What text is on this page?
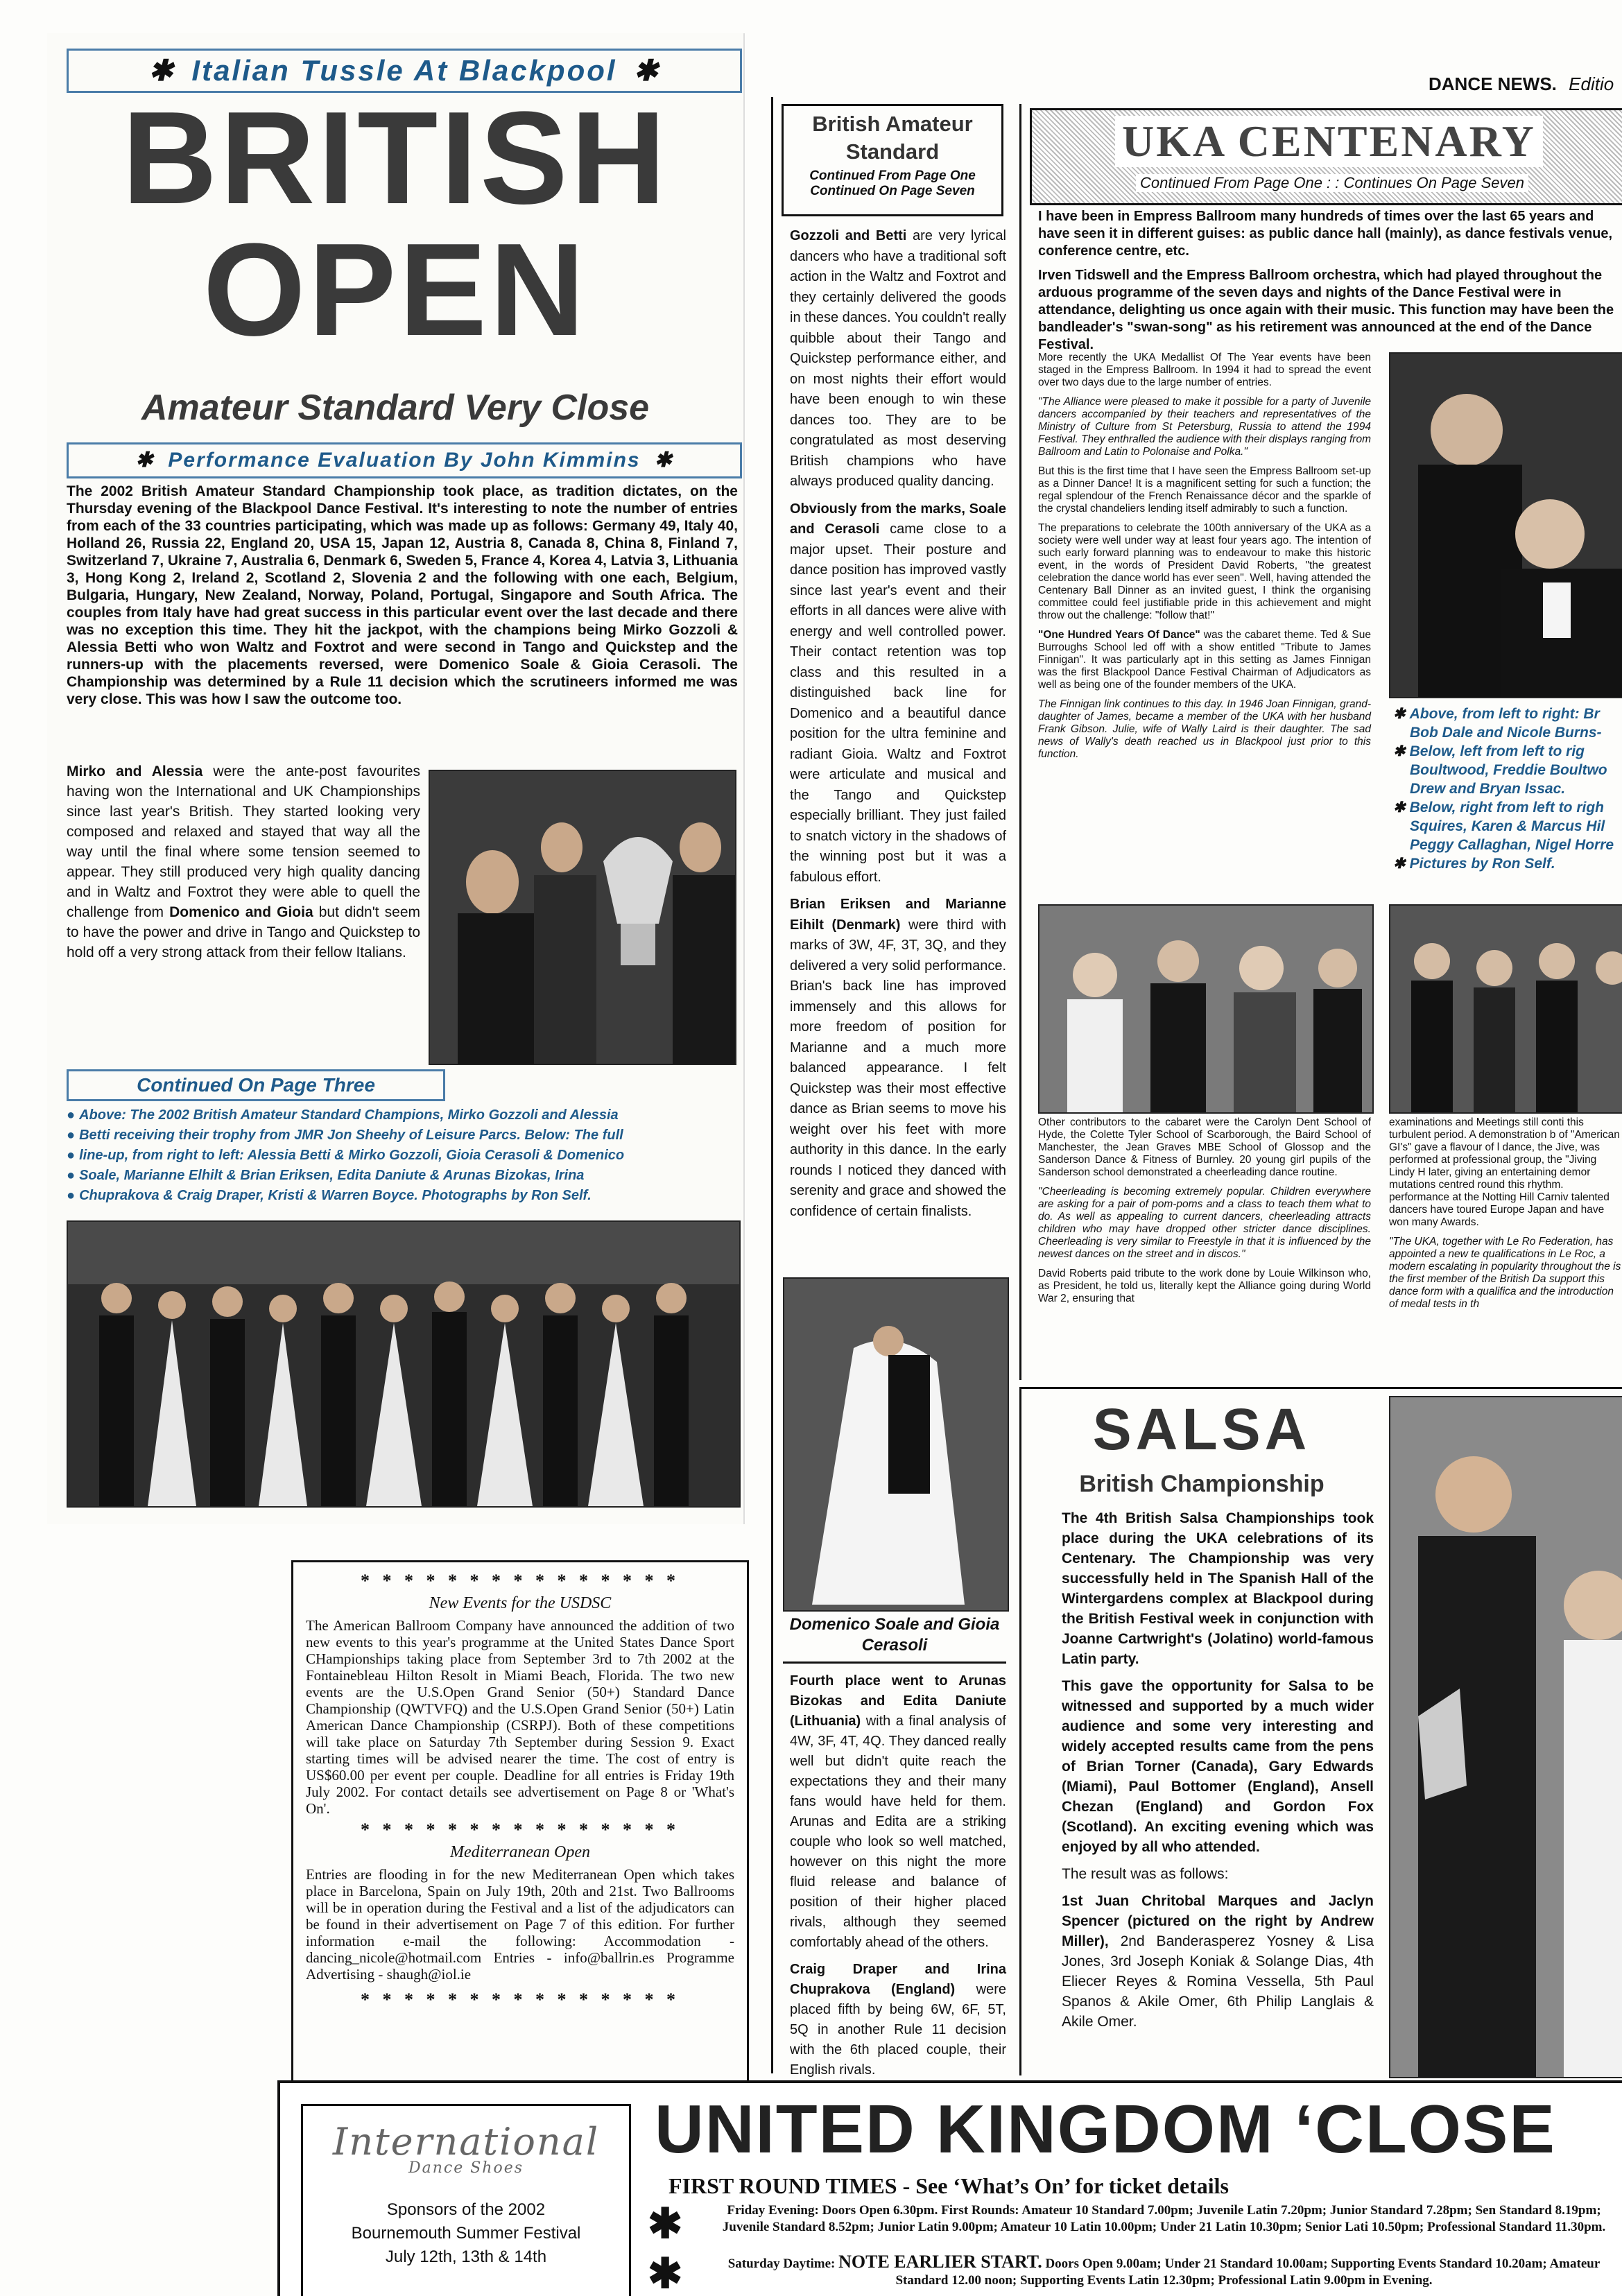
DANCE NEWS. Editio
✱ Italian Tussle At Blackpool ✱
BRITISH
OPEN
Amateur Standard Very Close
✱ Performance Evaluation By John Kimmins ✱
The 2002 British Amateur Standard Championship took place, as tradition dictates, on the Thursday evening of the Blackpool Dance Festival. It's interesting to note the number of entries from each of the 33 countries participating, which was made up as follows: Germany 49, Italy 40, Holland 26, Russia 22, England 20, USA 15, Japan 12, Austria 8, Canada 8, China 8, Finland 7, Switzerland 7, Ukraine 7, Australia 6, Denmark 6, Sweden 5, France 4, Korea 4, Latvia 3, Lithuania 3, Hong Kong 2, Ireland 2, Scotland 2, Slovenia 2 and the following with one each, Belgium, Bulgaria, Hungary, New Zealand, Norway, Poland, Portugal, Singapore and South Africa. The couples from Italy have had great success in this particular event over the last decade and there was no exception this time. They hit the jackpot, with the champions being Mirko Gozzoli & Alessia Betti who won Waltz and Foxtrot and were second in Tango and Quickstep and the runners-up with the placements reversed, were Domenico Soale & Gioia Cerasoli. The Championship was determined by a Rule 11 decision which the scrutineers informed me was very close. This was how I saw the outcome too.
Mirko and Alessia were the ante-post favourites having won the International and UK Championships since last year's British. They started looking very composed and relaxed and stayed that way all the way until the final where some tension seemed to appear. They still produced very high quality dancing and in Waltz and Foxtrot they were able to quell the challenge from Domenico and Gioia but didn't seem to have the power and drive in Tango and Quickstep to hold off a very strong attack from their fellow Italians.
Continued On Page Three
● Above: The 2002 British Amateur Standard Champions, Mirko Gozzoli and Alessia
● Betti receiving their trophy from JMR Jon Sheehy of Leisure Parcs. Below: The full
● line-up, from right to left: Alessia Betti & Mirko Gozzoli, Gioia Cerasoli & Domenico
● Soale, Marianne Elhilt & Brian Eriksen, Edita Daniute & Arunas Bizokas, Irina
● Chuprakova & Craig Draper, Kristi & Warren Boyce. Photographs by Ron Self.
* * * * * * * * * * * * * * *
New Events for the USDSC
The American Ballroom Company have announced the addition of two new events to this year's programme at the United States Dance Sport CHampionships taking place from September 3rd to 7th 2002 at the Fontainebleau Hilton Resolt in Miami Beach, Florida. The two new events are the U.S.Open Grand Senior (50+) Standard Dance Championship (QWTVFQ) and the U.S.Open Grand Senior (50+) Latin American Dance Championship (CSRPJ). Both of these competitions will take place on Saturday 7th September during Session 9. Exact starting times will be advised nearer the time. The cost of entry is US$60.00 per event per couple. Deadline for all entries is Friday 19th July 2002. For contact details see advertisement on Page 8 or 'What's On'.
* * * * * * * * * * * * * * *
Mediterranean Open
Entries are flooding in for the new Mediterranean Open which takes place in Barcelona, Spain on July 19th, 20th and 21st. Two Ballrooms will be in operation during the Festival and a list of the adjudicators can be found in their advertisement on Page 7 of this edition. For further information e-mail the following: Accommodation - dancing_nicole@hotmail.com Entries - info@ballrin.es Programme Advertising - shaugh@iol.ie
* * * * * * * * * * * * * * *
British Amateur Standard
Continued From Page One
Continued On Page Seven

Gozzoli and Betti are very lyrical dancers who have a traditional soft action in the Waltz and Foxtrot and they certainly delivered the goods in these dances. You couldn't really quibble about their Tango and Quickstep performance either, and on most nights their effort would have been enough to win these dances too. They are to be congratulated as most deserving British champions who have always produced quality dancing.

Obviously from the marks, Soale and Cerasoli came close to a major upset. Their posture and dance position has improved vastly since last year's event and their efforts in all dances were alive with energy and well controlled power. Their contact retention was top class and this resulted in a distinguished back line for Domenico and a beautiful dance position for the ultra feminine and radiant Gioia. Waltz and Foxtrot were articulate and musical and the Tango and Quickstep especially brilliant. They just failed to snatch victory in the shadows of the winning post but it was a fabulous effort.

Brian Eriksen and Marianne Eihilt (Denmark) were third with marks of 3W, 4F, 3T, 3Q, and they delivered a very solid performance. Brian's back line has improved immensely and this allows for more freedom of position for Marianne and a much more balanced appearance. I felt Quickstep was their most effective dance as Brian seems to move his weight over his feet with more authority in this dance. In the early rounds I noticed they danced with serenity and grace and showed the confidence of certain finalists.

Domenico Soale and Gioia Cerasoli

Fourth place went to Arunas Bizokas and Edita Daniute (Lithuania) with a final analysis of 4W, 3F, 4T, 4Q. They danced really well but didn't quite reach the expectations they and their many fans would have held for them. Arunas and Edita are a striking couple who look so well matched, however on this night the more fluid release and balance of position of their higher placed rivals, although they seemed comfortably ahead of the others.

Craig Draper and Irina Chuprakova (England) were placed fifth by being 6W, 6F, 5T, 5Q in another Rule 11 decision with the 6th placed couple, their English rivals.

UKA CENTENARY
Continued From Page One : : Continues On Page Seven

I have been in Empress Ballroom many hundreds of times over the last 65 years and have seen it in different guises: as public dance hall (mainly), as dance festivals venue, conference centre, etc.

Irven Tidswell and the Empress Ballroom orchestra, which had played throughout the arduous programme of the seven days and nights of the Dance Festival were in attendance, delighting us once again with their music. This function may have been the bandleader's "swan-song" as his retirement was announced at the end of the Dance Festival.

More recently the UKA Medallist Of The Year events have been staged in the Empress Ballroom. In 1994 it had to spread the event over two days due to the large number of entries.

"The Alliance were pleased to make it possible for a party of Juvenile dancers accompanied by their teachers and representatives of the Ministry of Culture from St Petersburg, Russia to attend the 1994 Festival. They enthralled the audience with their displays ranging from Ballroom and Latin to Polonaise and Polka."

But this is the first time that I have seen the Empress Ballroom set-up as a Dinner Dance! It is a magnificent setting for such a function; the regal splendour of the French Renaissance décor and the sparkle of the crystal chandeliers lending itself admirably to such a function.

The preparations to celebrate the 100th anniversary of the UKA as a society were well under way at least four years ago. The intention of such early forward planning was to endeavour to make this historic event, in the words of President David Roberts, "the greatest celebration the dance world has ever seen". Well, having attended the Centenary Ball Dinner as an invited guest, I think the organising committee could feel justifiable pride in this achievement and might throw out the challenge: "follow that!"

"One Hundred Years Of Dance" was the cabaret theme. Ted & Sue Burroughs School led off with a show entitled "Tribute to James Finnigan". It was particularly apt in this setting as James Finnigan was the first Blackpool Dance Festival Chairman of Adjudicators as well as being one of the founder members of the UKA.

The Finnigan link continues to this day. In 1946 Joan Finnigan, grand-daughter of James, became a member of the UKA with her husband Frank Gibson. Julie, wife of Wally Laird is their daughter. The sad news of Wally's death reached us in Blackpool just prior to this function.

✱ Above, from left to right: Br
Bob Dale and Nicole Burns-
✱ Below, left from left to rig
Boultwood, Freddie Boultwo
Drew and Bryan Issac.
✱ Below, right from left to righ
Squires, Karen & Marcus Hil
Peggy Callaghan, Nigel Horre
✱ Pictures by Ron Self.

Other contributors to the cabaret were the Carolyn Dent School of Hyde, the Colette Tyler School of Scarborough, the Baird School of Manchester, the Jean Graves MBE School of Glossop and the Sanderson Dance & Fitness of Burnley. 20 young girl pupils of the Sanderson school demonstrated a cheerleading dance routine.

"Cheerleading is becoming extremely popular. Children everywhere are asking for a pair of pom-poms and a class to teach them what to do. As well as appealing to current dancers, cheerleading attracts children who may have dropped other stricter dance disciplines. Cheerleading is very similar to Freestyle in that it is influenced by the newest dances on the street and in discos."

David Roberts paid tribute to the work done by Louie Wilkinson who, as President, he told us, literally kept the Alliance going during World War 2, ensuring that

examinations and Meetings still conti this turbulent period. A demonstration b of "American GI's" gave a flavour of l dance, the Jive, was performed at professional group, the "Jiving Lindy H later, giving an entertaining demor mutations centred round this rhythm. performance at the Notting Hill Carniv talented dancers have toured Europe Japan and have won many Awards.

"The UKA, together with Le Ro Federation, has appointed a new te qualifications in Le Roc, a modern escalating in popularity throughout the is the first member of the British Da support this dance form with a qualifica and the introduction of medal tests in th

SALSA
British Championship

The 4th British Salsa Championships took place during the UKA celebrations of its Centenary. The Championship was very successfully held in The Spanish Hall of the Wintergardens complex at Blackpool during the British Festival week in conjunction with Joanne Cartwright's (Jolatino) world-famous Latin party.

This gave the opportunity for Salsa to be witnessed and supported by a much wider audience and some very interesting and widely accepted results came from the pens of Brian Torner (Canada), Gary Edwards (Miami), Paul Bottomer (England), Ansell Chezan (England) and Gordon Fox (Scotland). An exciting evening which was enjoyed by all who attended.

The result was as follows:

1st Juan Chritobal Marques and Jaclyn Spencer (pictured on the right by Andrew Miller), 2nd Banderasperez Yosney & Lisa Jones, 3rd Joseph Koniak & Solange Dias, 4th Eliecer Reyes & Romina Vessella, 5th Paul Spanos & Akile Omer, 6th Philip Langlais & Akile Omer.

International
Dance Shoes
Sponsors of the 2002
Bournemouth Summer Festival
July 12th, 13th & 14th
UNITED KINGDOM ‘CLOSE
FIRST ROUND TIMES - See ‘What’s On’ for ticket details
✱
✱
Friday Evening: Doors Open 6.30pm. First Rounds: Amateur 10 Standard 7.00pm; Juvenile Latin 7.20pm; Junior Standard 7.28pm; Sen Standard 8.19pm; Juvenile Standard 8.52pm; Junior Latin 9.00pm; Amateur 10 Latin 10.00pm; Under 21 Latin 10.30pm; Senior Lati 10.50pm; Professional Standard 11.30pm.
Saturday Daytime: NOTE EARLIER START. Doors Open 9.00am; Under 21 Standard 10.00am; Supporting Events Standard 10.20am; Amateur Standard 12.00 noon; Supporting Events Latin 12.30pm; Professional Latin 9.00pm in Evening.
